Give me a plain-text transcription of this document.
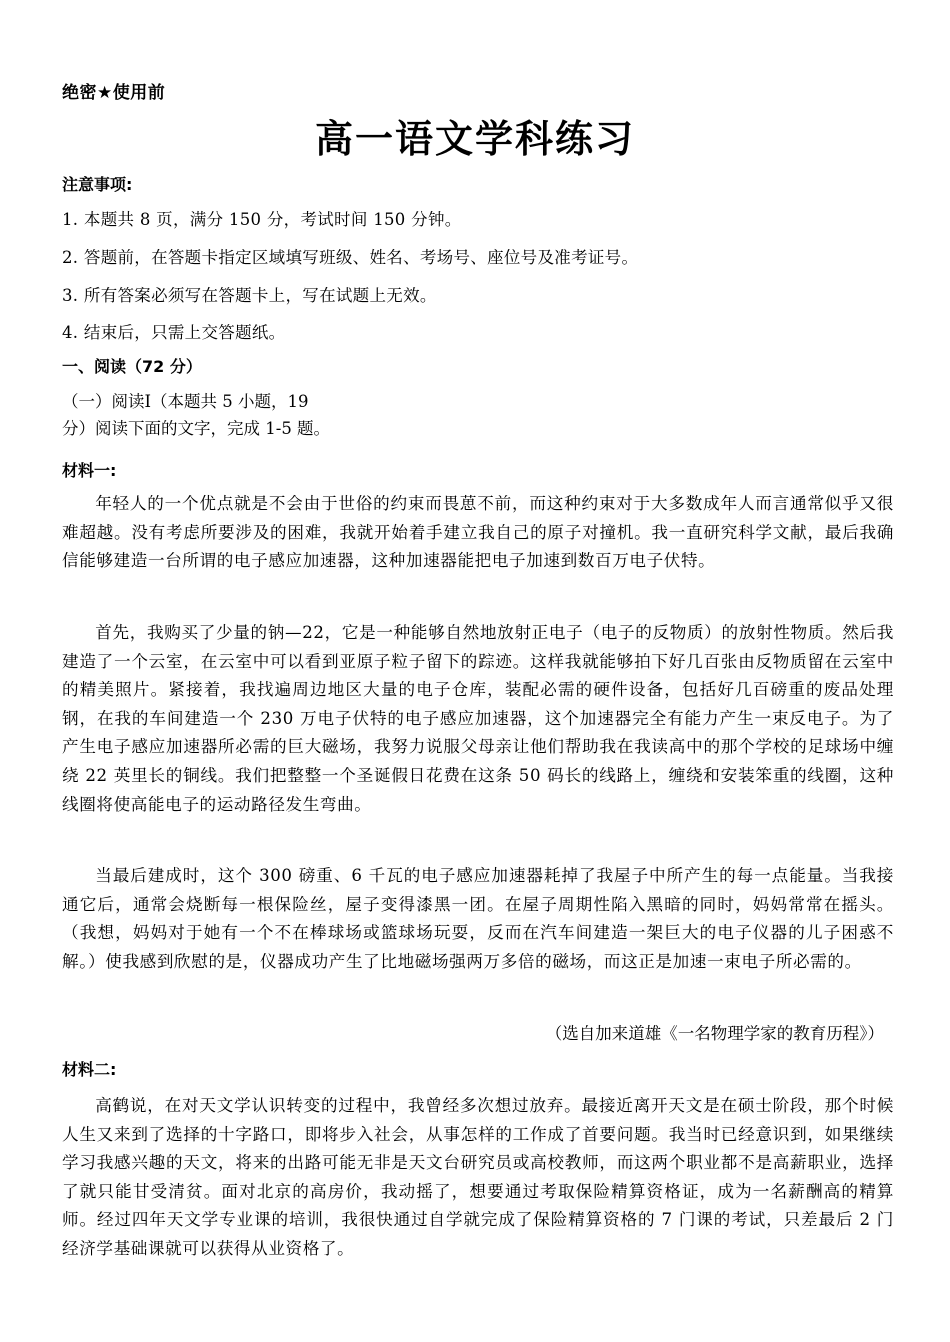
绝密★使用前
高一语文学科练习
注意事项:
1. 本题共 8 页，满分 150 分，考试时间 150 分钟。
2. 答题前，在答题卡指定区域填写班级、姓名、考场号、座位号及准考证号。
3. 所有答案必须写在答题卡上，写在试题上无效。
4. 结束后，只需上交答题纸。
一、阅读（72 分）
（一）阅读Ⅰ（本题共 5 小题，19
分）阅读下面的文字，完成 1-5 题。
材料一:
年轻人的一个优点就是不会由于世俗的约束而畏葸不前，而这种约束对于大多数成年人而言通常似乎又很难超越。没有考虑所要涉及的困难，我就开始着手建立我自己的原子对撞机。我一直研究科学文献，最后我确信能够建造一台所谓的电子感应加速器，这种加速器能把电子加速到数百万电子伏特。
首先，我购买了少量的钠—22，它是一种能够自然地放射正电子（电子的反物质）的放射性物质。然后我建造了一个云室，在云室中可以看到亚原子粒子留下的踪迹。这样我就能够拍下好几百张由反物质留在云室中的精美照片。紧接着，我找遍周边地区大量的电子仓库，装配必需的硬件设备，包括好几百磅重的废品处理钢，在我的车间建造一个 230 万电子伏特的电子感应加速器，这个加速器完全有能力产生一束反电子。为了产生电子感应加速器所必需的巨大磁场，我努力说服父母亲让他们帮助我在我读高中的那个学校的足球场中缠绕 22 英里长的铜线。我们把整整一个圣诞假日花费在这条 50 码长的线路上，缠绕和安装笨重的线圈，这种线圈将使高能电子的运动路径发生弯曲。
当最后建成时，这个 300 磅重、6 千瓦的电子感应加速器耗掉了我屋子中所产生的每一点能量。当我接通它后，通常会烧断每一根保险丝，屋子变得漆黑一团。在屋子周期性陷入黑暗的同时，妈妈常常在摇头。（我想，妈妈对于她有一个不在棒球场或篮球场玩耍，反而在汽车间建造一架巨大的电子仪器的儿子困惑不解。）使我感到欣慰的是，仪器成功产生了比地磁场强两万多倍的磁场，而这正是加速一束电子所必需的。
（选自加来道雄《一名物理学家的教育历程》）
材料二:
高鹤说，在对天文学认识转变的过程中，我曾经多次想过放弃。最接近离开天文是在硕士阶段，那个时候人生又来到了选择的十字路口，即将步入社会，从事怎样的工作成了首要问题。我当时已经意识到，如果继续学习我感兴趣的天文，将来的出路可能无非是天文台研究员或高校教师，而这两个职业都不是高薪职业，选择了就只能甘受清贫。面对北京的高房价，我动摇了，想要通过考取保险精算资格证，成为一名薪酬高的精算师。经过四年天文学专业课的培训，我很快通过自学就完成了保险精算资格的 7 门课的考试，只差最后 2 门经济学基础课就可以获得从业资格了。
